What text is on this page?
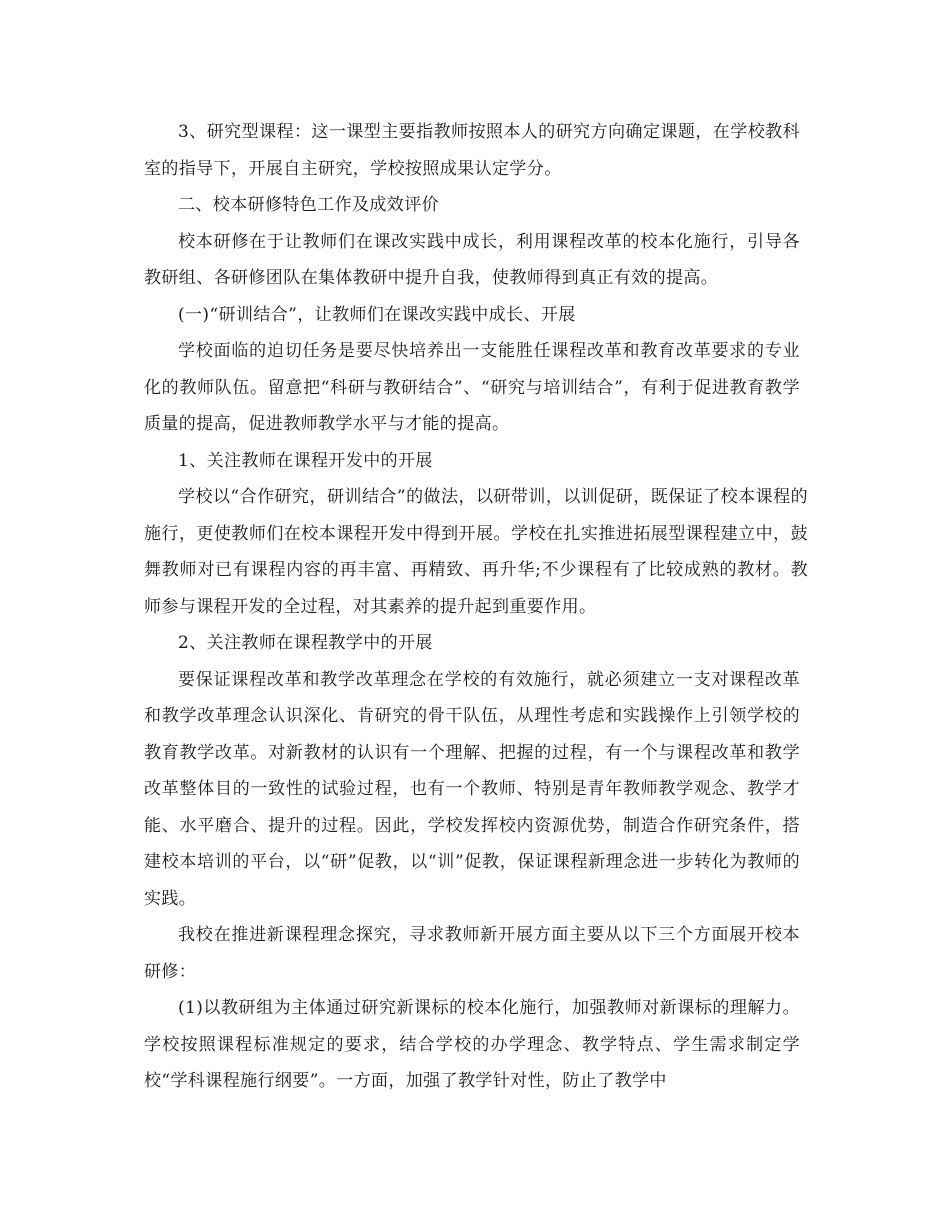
3、研究型课程：这一课型主要指教师按照本人的研究方向确定课题，在学校教科室的指导下，开展自主研究，学校按照成果认定学分。

二、校本研修特色工作及成效评价

校本研修在于让教师们在课改实践中成长，利用课程改革的校本化施行，引导各教研组、各研修团队在集体教研中提升自我，使教师得到真正有效的提高。

(一)“研训结合”，让教师们在课改实践中成长、开展

学校面临的迫切任务是要尽快培养出一支能胜任课程改革和教育改革要求的专业化的教师队伍。留意把“科研与教研结合”、“研究与培训结合”，有利于促进教育教学质量的提高，促进教师教学水平与才能的提高。

1、关注教师在课程开发中的开展

学校以“合作研究，研训结合”的做法，以研带训，以训促研，既保证了校本课程的施行，更使教师们在校本课程开发中得到开展。学校在扎实推进拓展型课程建立中，鼓舞教师对已有课程内容的再丰富、再精致、再升华;不少课程有了比较成熟的教材。教师参与课程开发的全过程，对其素养的提升起到重要作用。

2、关注教师在课程教学中的开展

要保证课程改革和教学改革理念在学校的有效施行，就必须建立一支对课程改革和教学改革理念认识深化、肯研究的骨干队伍，从理性考虑和实践操作上引领学校的教育教学改革。对新教材的认识有一个理解、把握的过程，有一个与课程改革和教学改革整体目的一致性的试验过程，也有一个教师、特别是青年教师教学观念、教学才能、水平磨合、提升的过程。因此，学校发挥校内资源优势，制造合作研究条件，搭建校本培训的平台，以“研”促教，以“训”促教，保证课程新理念进一步转化为教师的实践。

我校在推进新课程理念探究，寻求教师新开展方面主要从以下三个方面展开校本研修：

(1)以教研组为主体通过研究新课标的校本化施行，加强教师对新课标的理解力。学校按照课程标准规定的要求，结合学校的办学理念、教学特点、学生需求制定学校“学科课程施行纲要”。一方面，加强了教学针对性，防止了教学中
